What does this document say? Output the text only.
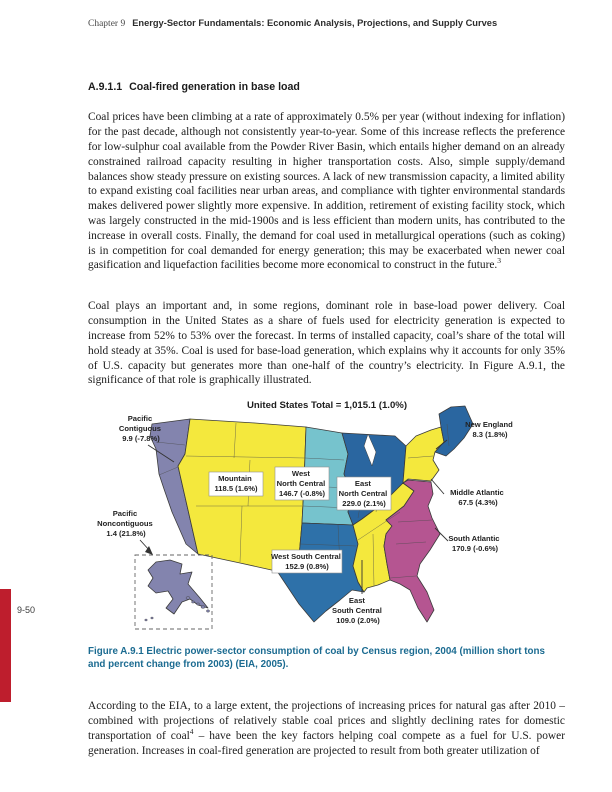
Chapter 9 Energy-Sector Fundamentals: Economic Analysis, Projections, and Supply Curves
A.9.1.1 Coal-fired generation in base load

Coal prices have been climbing at a rate of approximately 0.5% per year (without indexing for inflation) for the past decade, although not consistently year-to-year. Some of this increase reflects the preference for low-sulphur coal available from the Powder River Basin, which entails higher demand on an already constrained railroad capacity resulting in higher transportation costs. Also, simple supply/demand balances show steady pressure on existing sources. A lack of new transmission capacity, a limited ability to expand existing coal facilities near urban areas, and compliance with tighter environmental standards makes delivered power slightly more expensive. In addition, retirement of existing facility stock, which was largely constructed in the mid-1900s and is less efficient than modern units, has contributed to the increase in overall costs. Finally, the demand for coal used in metallurgical operations (such as coking) is in competition for coal demanded for energy generation; this may be exacerbated when newer coal gasification and liquefaction facilities become more economical to construct in the future.$^3$

Coal plays an important and, in some regions, dominant role in base-load power delivery. Coal consumption in the United States as a share of fuels used for electricity generation is expected to increase from 52% to 53% over the forecast. In terms of installed capacity, coal’s share of the total will hold steady at 35%. Coal is used for base-load generation, which explains why it accounts for only 35% of U.S. capacity but generates more than one-half of the country’s electricity. In Figure A.9.1, the significance of that role is graphically illustrated.

United States Total = 1,015.1 (1.0%)
Mountain 118.5 (1.6%)
West North Central 146.7 (-0.8%)
East North Central 229.0 (2.1%)
West South Central 152.9 (0.8%)
Pacific Contiguous 9.9 (-7.8%)
Pacific Noncontiguous 1.4 (21.8%)
New England 8.3 (1.8%)
Middle Atlantic 67.5 (4.3%)
South Atlantic 170.9 (-0.6%)
East South Central 109.0 (2.0%)
Figure A.9.1 Electric power-sector consumption of coal by Census region, 2004 (million short tons and percent change from 2003) (EIA, 2005).

According to the EIA, to a large extent, the projections of increasing prices for natural gas after 2010 – combined with projections of relatively stable coal prices and slightly declining rates for domestic transportation of coal$^4$ – have been the key factors helping coal compete as a fuel for U.S. power generation. Increases in coal-fired generation are projected to result from both greater utilization of

9-50
